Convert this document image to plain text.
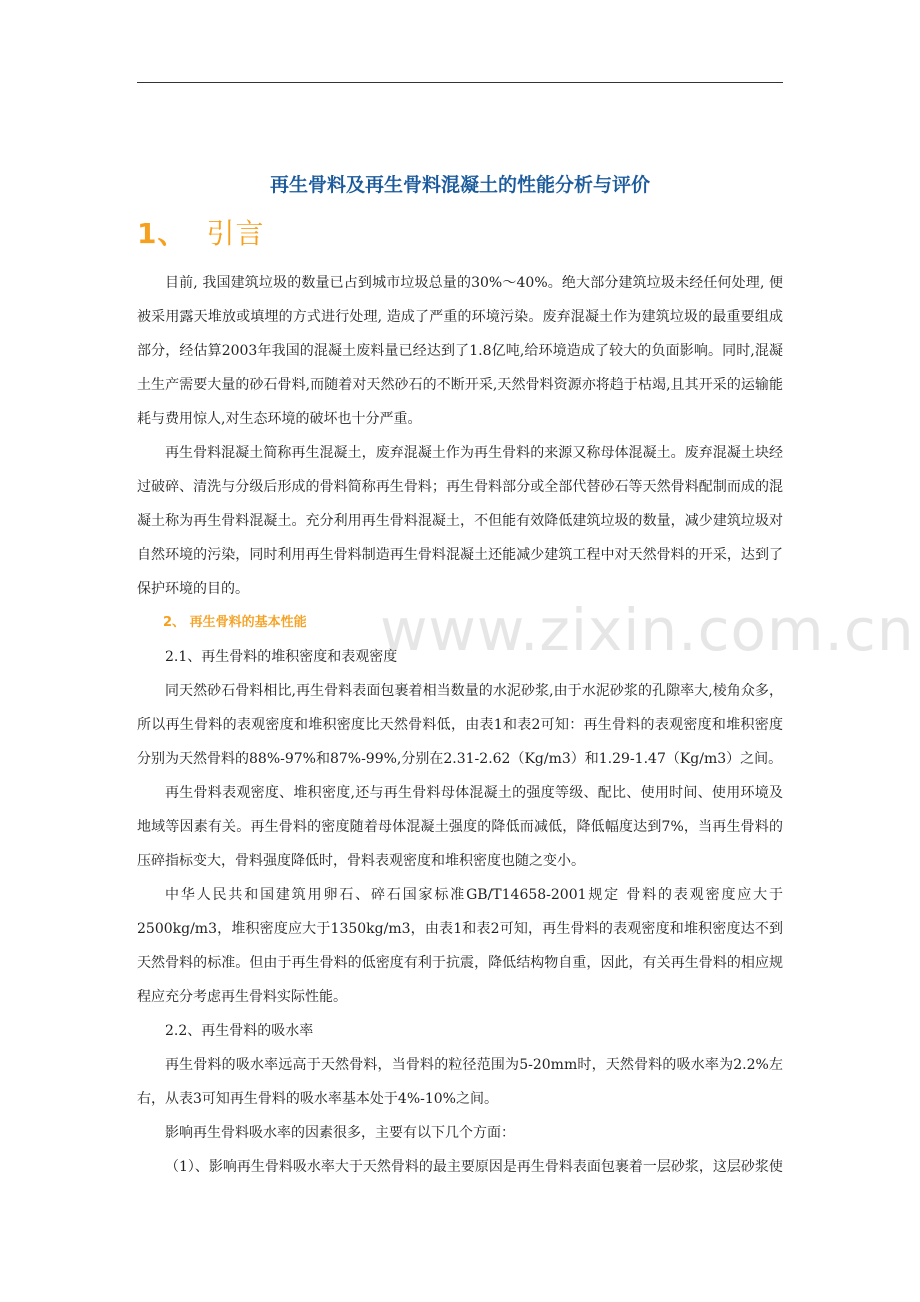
www.zixin.com.cn
再生骨料及再生骨料混凝土的性能分析与评价
1、 引言

目前, 我国建筑垃圾的数量已占到城市垃圾总量的30%～40%。绝大部分建筑垃圾未经任何处理, 便被采用露天堆放或填埋的方式进行处理, 造成了严重的环境污染。废弃混凝土作为建筑垃圾的最重要组成部分，经估算2003年我国的混凝土废料量已经达到了1.8亿吨,给环境造成了较大的负面影响。同时,混凝土生产需要大量的砂石骨料,而随着对天然砂石的不断开采,天然骨料资源亦将趋于枯竭,且其开采的运输能耗与费用惊人,对生态环境的破坏也十分严重。

再生骨料混凝土简称再生混凝土，废弃混凝土作为再生骨料的来源又称母体混凝土。废弃混凝土块经过破碎、清洗与分级后形成的骨料简称再生骨料；再生骨料部分或全部代替砂石等天然骨料配制而成的混凝土称为再生骨料混凝土。充分利用再生骨料混凝土，不但能有效降低建筑垃圾的数量，减少建筑垃圾对自然环境的污染，同时利用再生骨料制造再生骨料混凝土还能减少建筑工程中对天然骨料的开采，达到了保护环境的目的。

2、 再生骨料的基本性能

2.1、再生骨料的堆积密度和表观密度

同天然砂石骨料相比,再生骨料表面包裹着相当数量的水泥砂浆,由于水泥砂浆的孔隙率大,棱角众多，所以再生骨料的表观密度和堆积密度比天然骨料低，由表1和表2可知：再生骨料的表观密度和堆积密度分别为天然骨料的88%-97%和87%-99%,分别在2.31-2.62（Kg/m3）和1.29-1.47（Kg/m3）之间。

再生骨料表观密度、堆积密度,还与再生骨料母体混凝土的强度等级、配比、使用时间、使用环境及地域等因素有关。再生骨料的密度随着母体混凝土强度的降低而减低，降低幅度达到7%，当再生骨料的压碎指标变大，骨料强度降低时，骨料表观密度和堆积密度也随之变小。

中华人民共和国建筑用卵石、碎石国家标准GB/T14658-2001规定 骨料的表观密度应大于2500kg/m3，堆积密度应大于1350kg/m3，由表1和表2可知，再生骨料的表观密度和堆积密度达不到天然骨料的标准。但由于再生骨料的低密度有利于抗震，降低结构物自重，因此，有关再生骨料的相应规程应充分考虑再生骨料实际性能。

2.2、再生骨料的吸水率

再生骨料的吸水率远高于天然骨料，当骨料的粒径范围为5-20mm时，天然骨料的吸水率为2.2%左右，从表3可知再生骨料的吸水率基本处于4%-10%之间。

影响再生骨料吸水率的因素很多，主要有以下几个方面：

（1）、影响再生骨料吸水率大于天然骨料的最主要原因是再生骨料表面包裹着一层砂浆，这层砂浆使
